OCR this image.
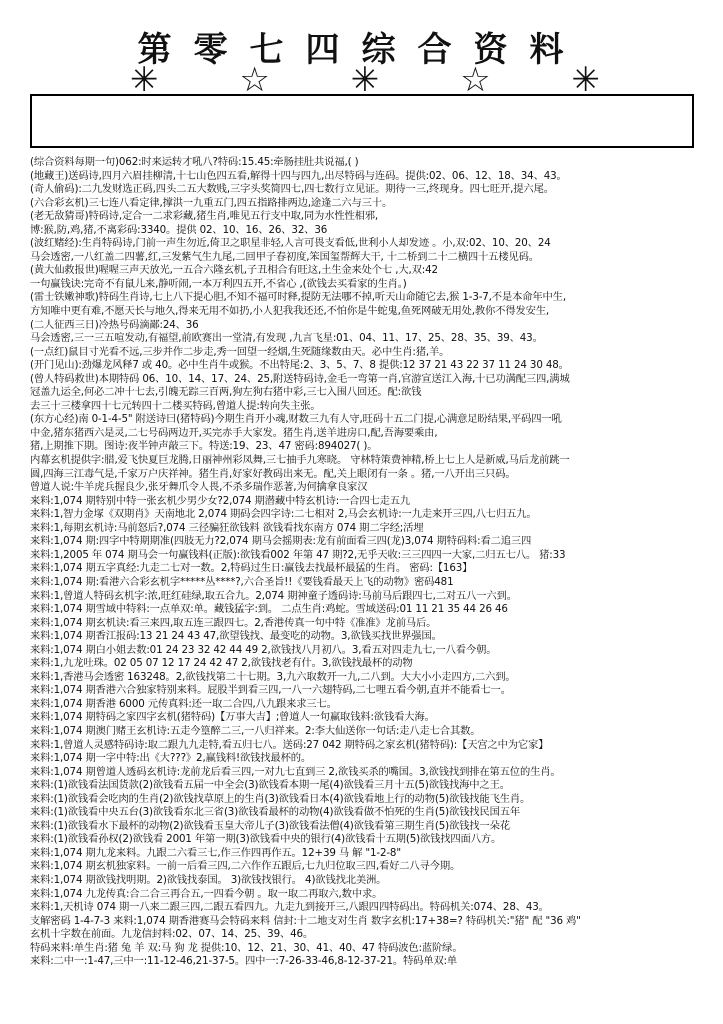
第零七四综合资料
✳ ☆ ✳ ☆ ✳
(综合资料每期一句)062:时来运转才吼八?特码:15.45:牵肠挂肚共说福,( )
(地藏王)送码诗,四月六眉挂柳清,十七山色四五看,解得十四与四九,出尽特码与连码。提供:02、06、12、18、34、43。
(奇人偷码):二九发财选正码,四头二五大数贱,三字头奖简四七,四七数行立见证。期待一三,终现身。四七旺开,提六尾。
(六合彩玄机)三七连八看定律,撑洪一九重五门,四五指路排两边,途逢二六与三十。
(老无敌猜哥)特码诗,定合一二求彩藏,猪生肖,唯见五行支中取,同为水性性相邪,
博:猴,防,鸡,猪,不离彩码:3340。提供 02、10、16、26、32、36
(波红赌经):生肖特码诗,门前一声生勿近,倚卫之职星非轻,人言可畏支看低,世利小人却发迹 。小,双:02、10、20、24
马会透密,一八红盖二四薯,红,三发紫气生九尾,二回甲子春初度,笨国玺帮辉大干, 十二桥到二十二横四十五楼见码。
(黄大仙救报世)喔喔三声天放光,一五合六隆玄机,子丑相合有旺这,土生金来处个七 ,大,双:42
一句赢钱诀:完奇不有鼠儿来,静听闹,一本万利四五开,不省心 ,(欲钱去买看家的生肖。)
(雷士铁嫩神歌)特码生肖诗,七上八下提心胆,不知不福可时释,提防无法哪不掉,听天山命随它去,猴 1-3-7,不是本命年中生,
方知唯中更有难,不愿天长与地久,得来无用不如扔,小人犯我我还还,不怕你是牛蛇鬼,鱼死网破无用处,教你不得发安生,
(二人征西三日)冷热号码滴鄙:24、36
马会透密,三一三五喧发动,有福望,前欧赛出一堂清,有发现 ,九言飞星:01、04、11、17、25、28、35、39、43。
(一点红)鼠目寸光看不远,三步并作二步走,秀一回望一经烟,生死随缘数由天。必中生肖:猪,羊。
(开门见山):劲爆龙风释7 或 40。必中生肖牛或猴。不出特尾:2、3、5、7、8 提供:12 37 21 43 22 37 11 24 30 48。
(曾人特码救世)本期特码 06、10、14、17、24、25,附送特码诗,金毛一弯第一肖,官游宣送江入海,十已功满配三四,满城
冠盖九运全,何必二冲十七去,引魄无踪三百两,狗左狗右猪中彩,三七入围八回还。配:欲钱
去三十三楼拿四十七元转四十二楼买特码,曾道人提:转向失主张。
(东方心经)南 0-1-4-5" 附送诗曰(猪特码)今期生肖开小魂,财数三九有人守,旺码十五二门提,心满意足盼结果,平码四一吼
中金,猪东猪西六是灵,二七号码两边开,买完赤手大家发。猪生肖,送羊进房口,配,吾海要乘由,
猪,上期推下期。图诗:夜半钟声敲三下。特送:19、23、47 密码:894027( )。
内幕玄机提供字:腊,爱飞快夏巨龙腾,日丽神州彩凤舞,三七抽手九寒晓。 守林特策费神精,桥上七上人是新威,马后龙前跳一
圆,四海三江毒气是,千家万户庆祥神。猪生肖,好家好教码出来无。配,关上眼闭有一条 。猪,一八开出三只码。
曾道人说:牛羊虎兵握良少,张牙舞爪令人畏,不杀多瑞作恶著,为何擒拿良家汉
来料:1,074 期特别中特一张玄机少男少女?2,074 期潜藏中特玄机诗:一合四七走五九
来料:1,智力金塚《双期肖》天南地北 2,074 期码会四字诗:二七相对 2,马会玄机诗:一九走来开三四,八七归五九。
来料:1,每期玄机诗:马前怒后?,074 三径骗狂欲钱料 欲钱看找东南方 074 期二字经;活埋
来料:1,074 期:四字中特期期准(四肢无力?2,074 期马会摇期表:龙有前面看三四(龙)3,074 期特码料:看二追三四
来料:1,2005 年 074 期马会一句赢钱料(正版):欲钱看002 年第 47 期?2,无乎天收:三三四四一大家,二归五七八。 猪:33
来料:1,074 期五字真经:九走二七对一数。2,特码过生日:赢钱去找最杯最猛的生肖。 密码:【163】
来料:1,074 期:看港六合彩玄机字*****丛****?,六合圣旨!!《要钱看最天上飞的动物》密码481
来料:1,曾道人特码玄机字:浓,旺红硅绿,取五合九。2,074 期神童子透码诗:马前马后跟四七,二对五八一六到。
来料:1,074 期雪域中特料:一点单双:单。藏钱猛字:到。 二点生肖:鸡蛇。雪域送码:01 11 21 35 44 26 46
来料:1,074 期玄机诀:看三来四,取五连三跟四七。2,香港传真一句中特《准准》龙前马后。
来料:1,074 期香江报码:13 21 24 43 47,欲望钱找、最变吃的动物。3,欲钱买找世界强国。
来料:1,074 期白小姐去数:01 24 23 32 42 44 49 2,欲钱找八月初八。3,看五对四走九七,一八看今朝。
来料:1,九龙吐珠。02 05 07 12 17 24 42 47 2,欲钱找老有什。3,欲钱找最杯的动物
来料:1,香港马会透密 163248。2,欲钱找第二十七期。3,九六取数开一九,二八到。大大小小走四方,二六到。
来料:1,074 期香港六合独家特别来料。屁股半到看三四,一八一六翅特码,二七哩五看今朝,直并不能看七一。
来料:1,074 期香港 6000 元传真料:还一取二合四,八九跟来求三七。
来料:1,074 期特码之家四字玄机(猪特码)【万事大吉】;曾道人一句赢取钱料:欲钱看大海。
来料:1,074 期澳门赌王玄机诗:五走今篁醉二三,一八归祥来。2:李大仙送你一句话:走八走七合其数。
来料:1,曾道人灵感特码诗:取二跟九九走特,看五归七八。送码:27 042 期特码之家玄机(猪特码):【天宫之中为它家】
来料:1,074 期一字中特:出《大???》2,赢钱料!欲钱找最杯的。
来料:1,074 期曾道人透码玄机诗:龙前龙后看三四,一对九七直到三 2,欲钱买杀的嘴国。3,欲钱找到排在第五位的生肖。
来料:(1)欲钱看法国货款(2)欲钱看五届一中全会(3)欲钱看本期一尾(4)欲钱看三月十五(5)欲钱找海中之王。
来料:(1)欲钱看会吃肉的生肖(2)欲钱找草原上的生肖(3)欲钱看日本(4)欲钱看地上行的动物(5)欲钱找能飞生肖。
来料:(1)欲钱看中央五台(3)欲钱看东北三省(3)欲钱看最杯的动物(4)欲钱看做不怕死的生肖(5)欲钱找民国五年
来料:(1)欲钱看水下最杯的动物(2)欲钱看玉皇大帝儿子(3)欲钱看法僧(4)欲钱看第三期生肖(5)欲钱找一朵花
来料:(1)欲钱看孙权(2)欲钱看 2001 年第一期(3)欲钱看中央的银行(4)欲钱看十五期(5)欲钱找四面八方。
来料:1,074 期九龙来料。九跟二六看三七,作三作四再作五。12+39 马 解 "1-2-8"
来料:1,074 期玄机独家料。一前一后看三四,二六作作五跟后,七九归位取三四,看好二八寻今期。
来料:1,074 期欲钱找明期。2)欲钱找泰国。 3)欲钱找银行。 4)欲钱找北美洲。
来料:1,074 九龙传真:合二合三再合五,一四看今朝 。取一取二再取六,数中求。
来料:1,天机诗 074 期一八来二跟三四,二跟五看四九。九走九到接开三,八跟四四特码出。特码机关:074、28、43。
支解密码 1-4-7-3 来料:1,074 期香港赛马会特码来料 信封:十二地支对生肖 数字玄机:17+38=? 特码机关:"猪" 配 "36 鸡"
玄机十字数在前面。九龙信封料:02、07、14、25、39、46。
特码来料:单生肖:猪 兔 羊 双:马 狗 龙 提供:10、12、21、30、41、40、47 特码波色:蓝阶绿。
来料:二中一:1-47,三中一:11-12-46,21-37-5。四中一:7-26-33-46,8-12-37-21。特码单双:单
